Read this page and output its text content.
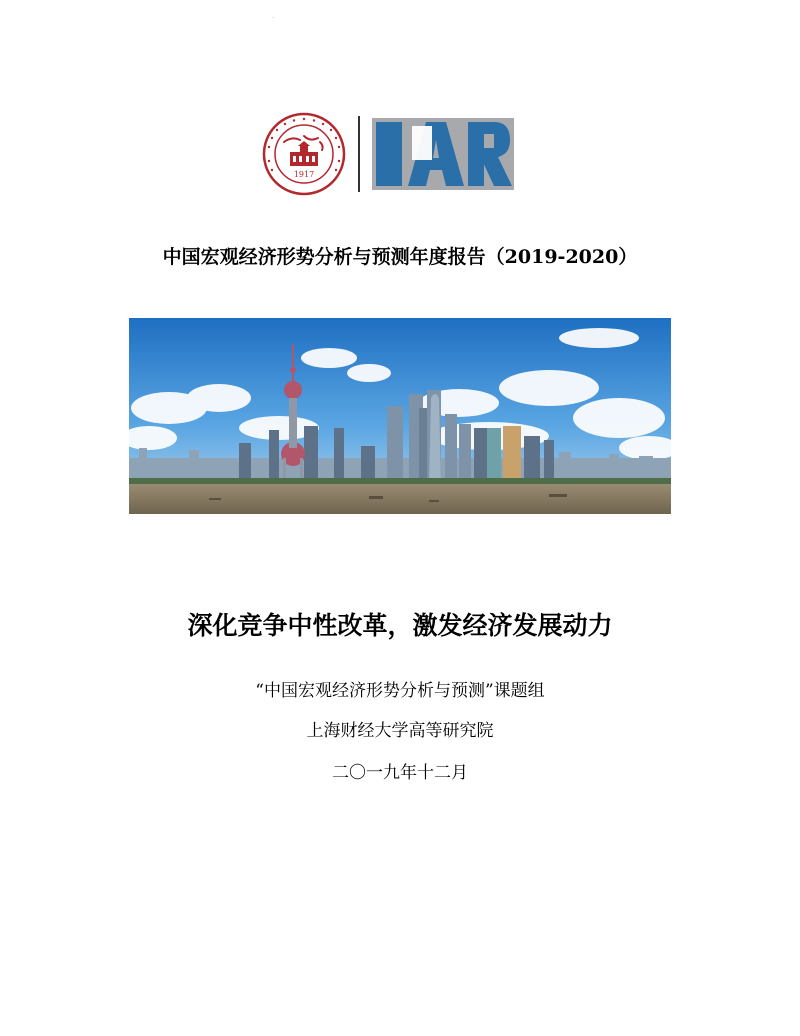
1917
IAR
中国宏观经济形势分析与预测年度报告（2019-2020）
深化竞争中性改革，激发经济发展动力
“中国宏观经济形势分析与预测”课题组
上海财经大学高等研究院
二〇一九年十二月
